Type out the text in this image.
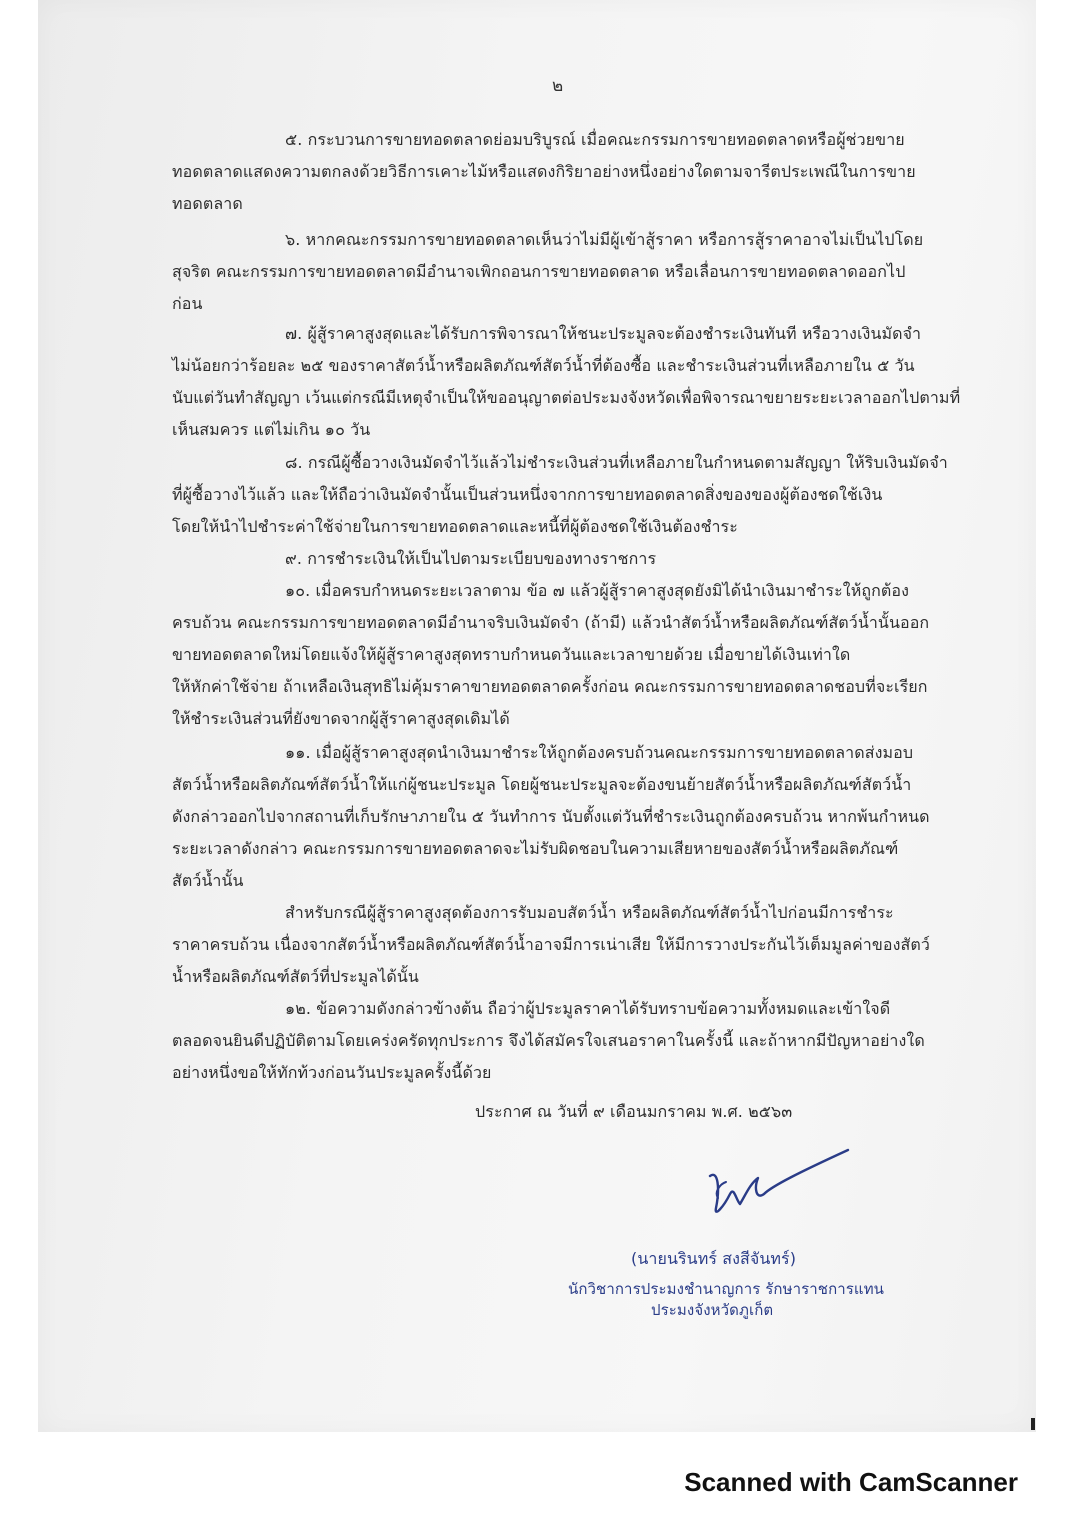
๒
๕. กระบวนการขายทอดตลาดย่อมบริบูรณ์ เมื่อคณะกรรมการขายทอดตลาดหรือผู้ช่วยขาย
ทอดตลาดแสดงความตกลงด้วยวิธีการเคาะไม้หรือแสดงกิริยาอย่างหนึ่งอย่างใดตามจารีตประเพณีในการขาย
ทอดตลาด
๖. หากคณะกรรมการขายทอดตลาดเห็นว่าไม่มีผู้เข้าสู้ราคา หรือการสู้ราคาอาจไม่เป็นไปโดย
สุจริต คณะกรรมการขายทอดตลาดมีอำนาจเพิกถอนการขายทอดตลาด หรือเลื่อนการขายทอดตลาดออกไป
ก่อน
๗. ผู้สู้ราคาสูงสุดและได้รับการพิจารณาให้ชนะประมูลจะต้องชำระเงินทันที หรือวางเงินมัดจำ
ไม่น้อยกว่าร้อยละ ๒๕ ของราคาสัตว์น้ำหรือผลิตภัณฑ์สัตว์น้ำที่ต้องซื้อ และชำระเงินส่วนที่เหลือภายใน ๕ วัน
นับแต่วันทำสัญญา เว้นแต่กรณีมีเหตุจำเป็นให้ขออนุญาตต่อประมงจังหวัดเพื่อพิจารณาขยายระยะเวลาออกไปตามที่
เห็นสมควร แต่ไม่เกิน ๑๐ วัน
๘. กรณีผู้ซื้อวางเงินมัดจำไว้แล้วไม่ชำระเงินส่วนที่เหลือภายในกำหนดตามสัญญา ให้ริบเงินมัดจำ
ที่ผู้ซื้อวางไว้แล้ว และให้ถือว่าเงินมัดจำนั้นเป็นส่วนหนึ่งจากการขายทอดตลาดสิ่งของของผู้ต้องชดใช้เงิน
โดยให้นำไปชำระค่าใช้จ่ายในการขายทอดตลาดและหนี้ที่ผู้ต้องชดใช้เงินต้องชำระ
๙. การชำระเงินให้เป็นไปตามระเบียบของทางราชการ
๑๐. เมื่อครบกำหนดระยะเวลาตาม ข้อ ๗ แล้วผู้สู้ราคาสูงสุดยังมิได้นำเงินมาชำระให้ถูกต้อง
ครบถ้วน คณะกรรมการขายทอดตลาดมีอำนาจริบเงินมัดจำ (ถ้ามี) แล้วนำสัตว์น้ำหรือผลิตภัณฑ์สัตว์น้ำนั้นออก
ขายทอดตลาดใหม่โดยแจ้งให้ผู้สู้ราคาสูงสุดทราบกำหนดวันและเวลาขายด้วย เมื่อขายได้เงินเท่าใด
ให้หักค่าใช้จ่าย ถ้าเหลือเงินสุทธิไม่คุ้มราคาขายทอดตลาดครั้งก่อน คณะกรรมการขายทอดตลาดชอบที่จะเรียก
ให้ชำระเงินส่วนที่ยังขาดจากผู้สู้ราคาสูงสุดเดิมได้
๑๑. เมื่อผู้สู้ราคาสูงสุดนำเงินมาชำระให้ถูกต้องครบถ้วนคณะกรรมการขายทอดตลาดส่งมอบ
สัตว์น้ำหรือผลิตภัณฑ์สัตว์น้ำให้แก่ผู้ชนะประมูล โดยผู้ชนะประมูลจะต้องขนย้ายสัตว์น้ำหรือผลิตภัณฑ์สัตว์น้ำ
ดังกล่าวออกไปจากสถานที่เก็บรักษาภายใน ๕ วันทำการ นับตั้งแต่วันที่ชำระเงินถูกต้องครบถ้วน หากพ้นกำหนด
ระยะเวลาดังกล่าว คณะกรรมการขายทอดตลาดจะไม่รับผิดชอบในความเสียหายของสัตว์น้ำหรือผลิตภัณฑ์
สัตว์น้ำนั้น
สำหรับกรณีผู้สู้ราคาสูงสุดต้องการรับมอบสัตว์น้ำ หรือผลิตภัณฑ์สัตว์น้ำไปก่อนมีการชำระ
ราคาครบถ้วน เนื่องจากสัตว์น้ำหรือผลิตภัณฑ์สัตว์น้ำอาจมีการเน่าเสีย ให้มีการวางประกันไว้เต็มมูลค่าของสัตว์
น้ำหรือผลิตภัณฑ์สัตว์ที่ประมูลได้นั้น
๑๒. ข้อความดังกล่าวข้างต้น ถือว่าผู้ประมูลราคาได้รับทราบข้อความทั้งหมดและเข้าใจดี
ตลอดจนยินดีปฏิบัติตามโดยเคร่งครัดทุกประการ จึงได้สมัครใจเสนอราคาในครั้งนี้ และถ้าหากมีปัญหาอย่างใด
อย่างหนึ่งขอให้ทักท้วงก่อนวันประมูลครั้งนี้ด้วย
ประกาศ ณ วันที่ ๙ เดือนมกราคม พ.ศ. ๒๕๖๓
(นายนรินทร์ สงสีจันทร์)
นักวิชาการประมงชำนาญการ รักษาราชการแทน
ประมงจังหวัดภูเก็ต
Scanned with CamScanner
